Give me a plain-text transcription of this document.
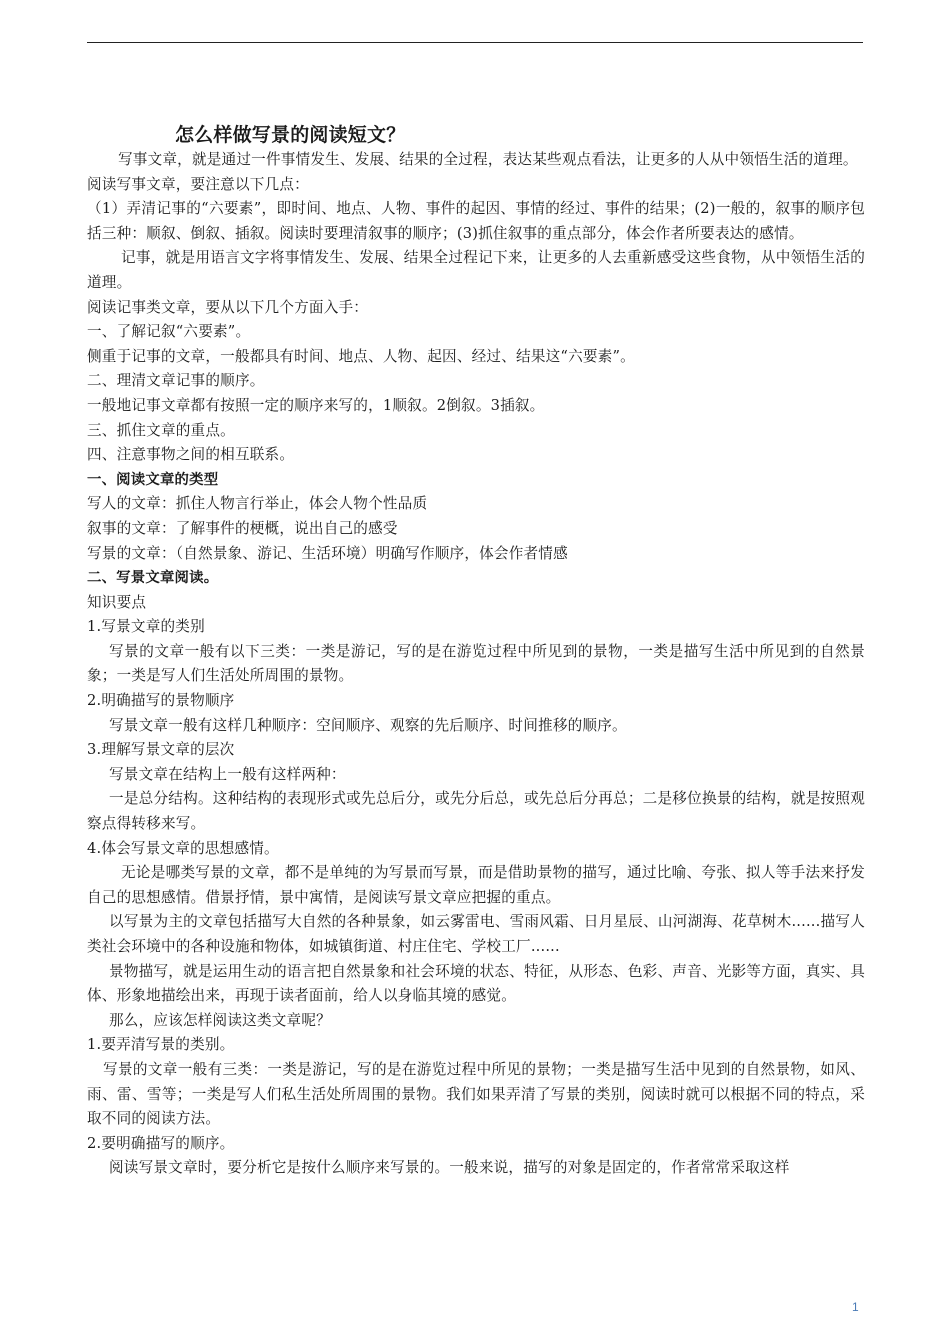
怎么样做写景的阅读短文？

写事文章，就是通过一件事情发生、发展、结果的全过程，表达某些观点看法，让更多的人从中领悟生活的道理。

阅读写事文章，要注意以下几点：

（1）弄清记事的“六要素”，即时间、地点、人物、事件的起因、事情的经过、事件的结果；(2)一般的，叙事的顺序包括三种：顺叙、倒叙、插叙。阅读时要理清叙事的顺序；(3)抓住叙事的重点部分，体会作者所要表达的感情。

记事，就是用语言文字将事情发生、发展、结果全过程记下来，让更多的人去重新感受这些食物，从中领悟生活的道理。

阅读记事类文章，要从以下几个方面入手：

一、了解记叙“六要素”。

侧重于记事的文章，一般都具有时间、地点、人物、起因、经过、结果这“六要素”。

二、理清文章记事的顺序。

一般地记事文章都有按照一定的顺序来写的，1顺叙。2倒叙。3插叙。

三、抓住文章的重点。

四、注意事物之间的相互联系。

一、阅读文章的类型

写人的文章：抓住人物言行举止，体会人物个性品质

叙事的文章：了解事件的梗概，说出自己的感受

写景的文章：（自然景象、游记、生活环境）明确写作顺序，体会作者情感

二、写景文章阅读。

知识要点

1.写景文章的类别

写景的文章一般有以下三类：一类是游记，写的是在游览过程中所见到的景物，一类是描写生活中所见到的自然景象；一类是写人们生活处所周围的景物。

2.明确描写的景物顺序

写景文章一般有这样几种顺序：空间顺序、观察的先后顺序、时间推移的顺序。

3.理解写景文章的层次

写景文章在结构上一般有这样两种：

一是总分结构。这种结构的表现形式或先总后分，或先分后总，或先总后分再总；二是移位换景的结构，就是按照观察点得转移来写。

4.体会写景文章的思想感情。

无论是哪类写景的文章，都不是单纯的为写景而写景，而是借助景物的描写，通过比喻、夸张、拟人等手法来抒发自己的思想感情。借景抒情，景中寓情，是阅读写景文章应把握的重点。

以写景为主的文章包括描写大自然的各种景象，如云雾雷电、雪雨风霜、日月星辰、山河湖海、花草树木......描写人类社会环境中的各种设施和物体，如城镇街道、村庄住宅、学校工厂......

景物描写，就是运用生动的语言把自然景象和社会环境的状态、特征，从形态、色彩、声音、光影等方面，真实、具体、形象地描绘出来，再现于读者面前，给人以身临其境的感觉。

那么，应该怎样阅读这类文章呢？

1.要弄清写景的类别。

写景的文章一般有三类：一类是游记，写的是在游览过程中所见的景物；一类是描写生活中见到的自然景物，如风、雨、雷、雪等；一类是写人们私生活处所周围的景物。我们如果弄清了写景的类别，阅读时就可以根据不同的特点，采取不同的阅读方法。

2.要明确描写的顺序。

阅读写景文章时，要分析它是按什么顺序来写景的。一般来说，描写的对象是固定的，作者常常采取这样

1
